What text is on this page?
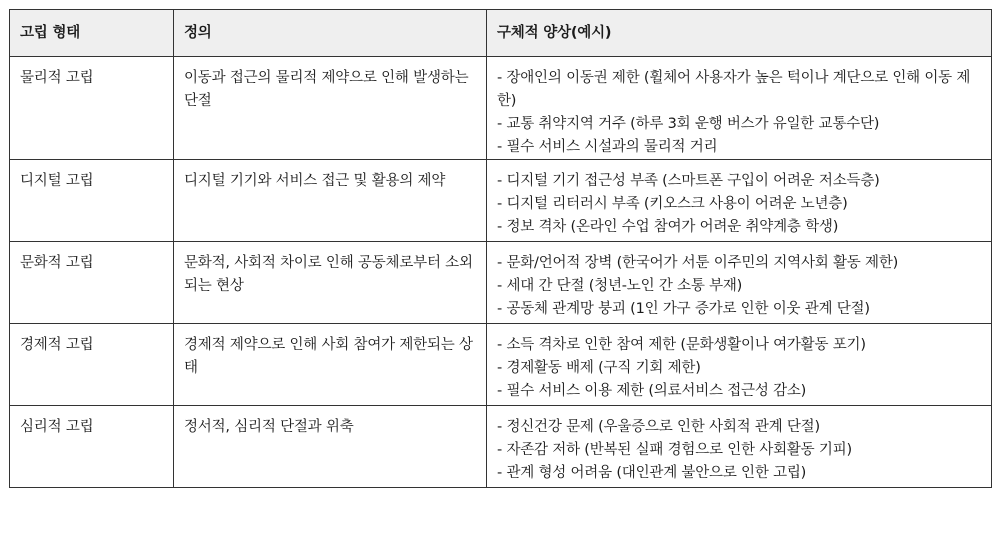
고립 형태	정의	구체적 양상(예시)
물리적 고립	이동과 접근의 물리적 제약으로 인해 발생하는 단절	- 장애인의 이동권 제한 (휠체어 사용자가 높은 턱이나 계단으로 인해 이동 제한)
- 교통 취약지역 거주 (하루 3회 운행 버스가 유일한 교통수단)
- 필수 서비스 시설과의 물리적 거리

디지털 고립	디지털 기기와 서비스 접근 및 활용의 제약	- 디지털 기기 접근성 부족 (스마트폰 구입이 어려운 저소득층)
- 디지털 리터러시 부족 (키오스크 사용이 어려운 노년층)
- 정보 격차 (온라인 수업 참여가 어려운 취약계층 학생)

문화적 고립	문화적, 사회적 차이로 인해 공동체로부터 소외되는 현상	- 문화/언어적 장벽 (한국어가 서툰 이주민의 지역사회 활동 제한)
- 세대 간 단절 (청년-노인 간 소통 부재)
- 공동체 관계망 붕괴 (1인 가구 증가로 인한 이웃 관계 단절)

경제적 고립	경제적 제약으로 인해 사회 참여가 제한되는 상태	- 소득 격차로 인한 참여 제한 (문화생활이나 여가활동 포기)
- 경제활동 배제 (구직 기회 제한)
- 필수 서비스 이용 제한 (의료서비스 접근성 감소)

심리적 고립	정서적, 심리적 단절과 위축	- 정신건강 문제 (우울증으로 인한 사회적 관계 단절)
- 자존감 저하 (반복된 실패 경험으로 인한 사회활동 기피)
- 관계 형성 어려움 (대인관계 불안으로 인한 고립)
